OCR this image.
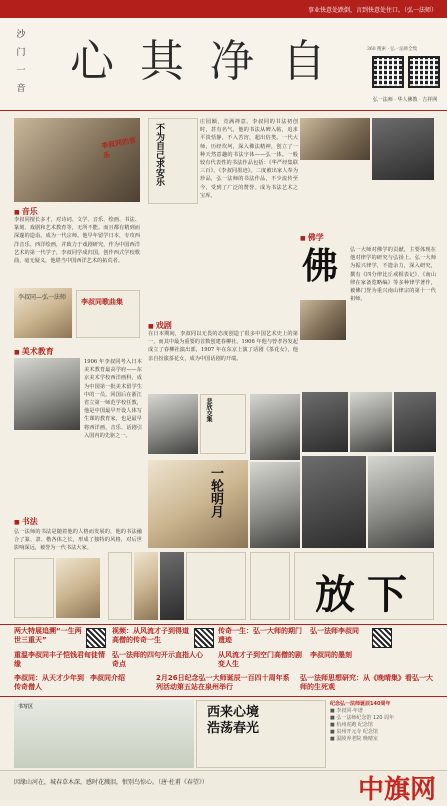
事业快意处跌倒，言到快意处住口。（弘一法师）
沙
门
一
音
心 其 净 自	360 搜索 · 弘一法师全集
弘一法师 · 华人佛教 · 吉祥网
李叔同的音乐
■ 音乐
李叔同擅长多才，对诗词、文学、音乐、绘画、书法、篆刻、戏剧和艺术教育等，无所不能。而且都有精到而深邃的造诣。成为一代宗师。他早年留学日本，专攻西洋音乐、西洋绘画，并致力于戏剧研究。作为中国西洋艺术的第一代学子，李叔同学成归国，创作西式学校歌曲，毫无疑义，他堪当中国西洋艺术的拓荒者。
李叔同—弘一法师	李叔同歌曲集
■ 美术教育
1906 年李叔同考入日本美术教育最高学府——东京美术学校西洋画科，成为中国第一批美术留学生中的一员。回国后在浙江省立第一师范学校任教，他是中国最早开设人体写生课的教育家，也是最早将西洋画、音乐、话剧引入国内的先驱之一。
■ 书法
弘一法师的书法是随着他的人格而发展的，他的书法融合了篆、隶、楷各体之长，形成了独特的风格，对后世影响深远，被誉为一代书法大家。
不为自己求安乐
庄园颖，竞满禅意。李叔同的书法初创时，甚有名气，他的书法从碑入帖，追求平淡恬静，不入苦窍，超出俗类。一代大师，历经坎坷，深入佛法精神，创立了一种天然意趣的书法字体——弘一体。一般较有代表性的书法作品包括：《华严经集联三百》、《李叔同墨迹》。二度被出家人奉为珍品，弘一法师的书法作品，不少流传至今，受到了广泛的赞誉。成为书法艺术之宝库。
■ 戏剧
在日本期间，李叔同以无畏的态度创造了很多中国艺术史上的第一，而其中最为重要的首数创建春柳社。1906 年他与曾孝谷发起成立了春柳社演出部，1907 年在东京上演了话剧《茶花女》，他亲自扮演茶花女，成为中国话剧的开端。
■ 佛学
佛 弘一大师对佛学的贡献，主要体现在他对律学的研究与弘扬上。弘一大师为振兴律学，不遗余力，深入研究，撰有《四分律比丘戒相表记》、《南山律在家备览略编》等多种律学著作，被佛门誉为重兴南山律宗的第十一代祖师。
悲欣交集
一轮明月
放 下
两大特展追溯“一生两世三重天”
视频：从风流才子到得道高僧的传奇一生
传奇一生：弘一大师的期门遗迹
弘一法师李叔同
重温李叔同丰子恺钱君甸徒情缘
弘一法师的四句开示直指人心奇点
从风流才子到空门高僧的剧变人生
李叔同的墨刻
李叔同：从天才少年到传奇僧人
李叔同介绍	2月26日纪念弘一大师诞辰一百四十周年系列活动第五站在泉州举行
弘一法师思想研究：从《晚晴集》看弘一大师的生死观
书写区	西来心境
浩荡春光
纪念弘一法师诞辰140周年
■ 李叔同·年谱
■ 弘一法师纪念馆 120 周年
■ 杭州虎跑 纪念馆
■ 泉州开元寺 纪念馆
■ 温陵养老院 晚晴室
因缘山河在，城春草木深，感时花溅泪，恨别鸟惊心。（唐·杜甫《春望》）	中旗网
